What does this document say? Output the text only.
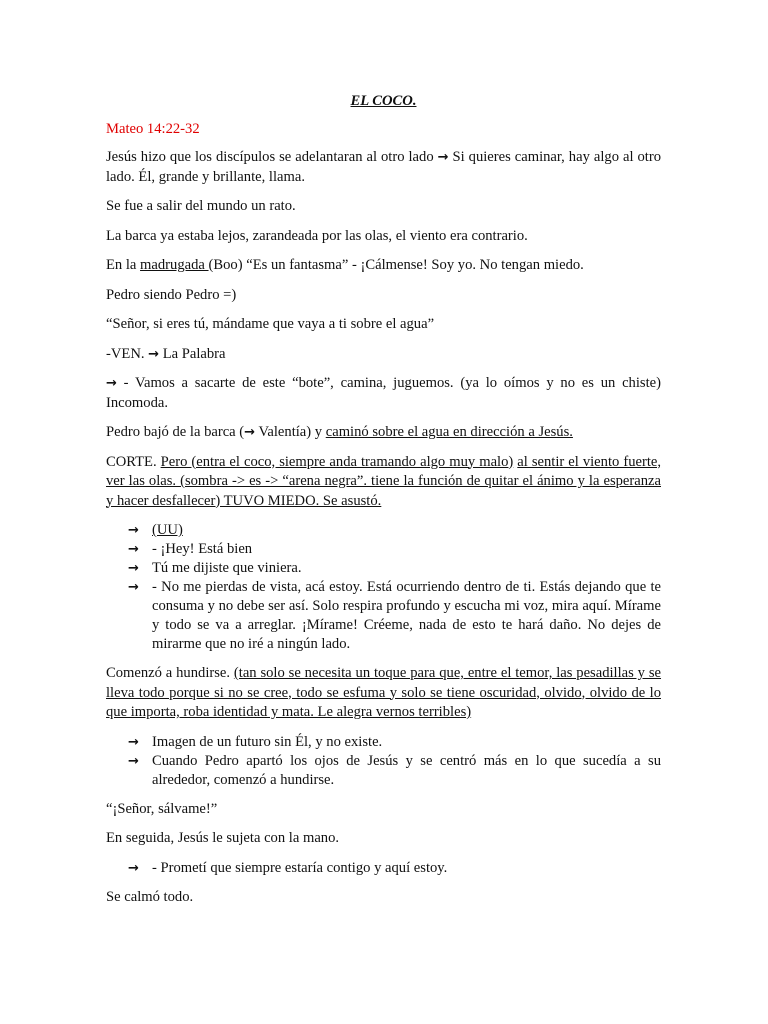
EL COCO.
Mateo 14:22-32

Jesús hizo que los discípulos se adelantaran al otro lado → Si quieres caminar, hay algo al otro lado. Él, grande y brillante, llama.

Se fue a salir del mundo un rato.

La barca ya estaba lejos, zarandeada por las olas, el viento era contrario.

En la madrugada (Boo) “Es un fantasma” - ¡Cálmense! Soy yo. No tengan miedo.

Pedro siendo Pedro =)

“Señor, si eres tú, mándame que vaya a ti sobre el agua”

-VEN. → La Palabra

→ - Vamos a sacarte de este “bote”, camina, juguemos. (ya lo oímos y no es un chiste) Incomoda.

Pedro bajó de la barca (→ Valentía) y caminó sobre el agua en dirección a Jesús.

CORTE. Pero (entra el coco, siempre anda tramando algo muy malo) al sentir el viento fuerte, ver las olas. (sombra -> es -> “arena negra”. tiene la función de quitar el ánimo y la esperanza y hacer desfallecer) TUVO MIEDO. Se asustó.

→ (UU)
→ - ¡Hey! Está bien
→ Tú me dijiste que viniera.
→ - No me pierdas de vista, acá estoy. Está ocurriendo dentro de ti. Estás dejando que te consuma y no debe ser así. Solo respira profundo y escucha mi voz, mira aquí. Mírame y todo se va a arreglar. ¡Mírame! Créeme, nada de esto te hará daño. No dejes de mirarme que no iré a ningún lado.

Comenzó a hundirse. (tan solo se necesita un toque para que, entre el temor, las pesadillas y se lleva todo porque si no se cree, todo se esfuma y solo se tiene oscuridad, olvido, olvido de lo que importa, roba identidad y mata. Le alegra vernos terribles)

→ Imagen de un futuro sin Él, y no existe.
→ Cuando Pedro apartó los ojos de Jesús y se centró más en lo que sucedía a su alrededor, comenzó a hundirse.

“¡Señor, sálvame!”

En seguida, Jesús le sujeta con la mano.

→ - Prometí que siempre estaría contigo y aquí estoy.

Se calmó todo.
